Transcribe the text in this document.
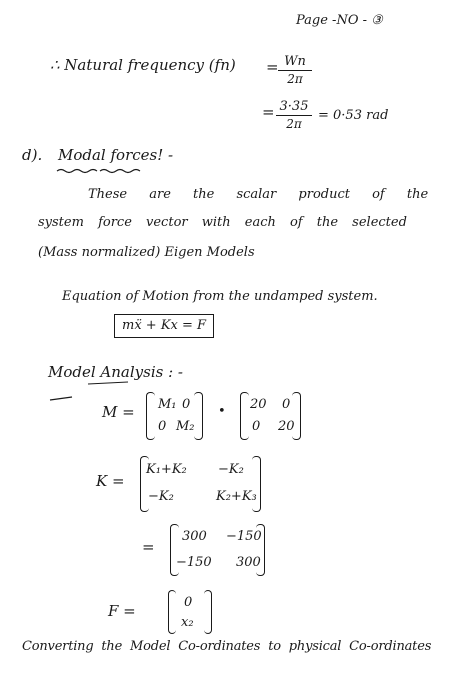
Page -NO - ③
∴ Natural frequency (fn) = Wn
2π
= 3·35
2π
= 0·53 rad
d). Modal forces! -
These are the scalar product of the
system force vector with each of the selected
(Mass normalized) Eigen Models
Equation of Motion from the undamped system.
mẍ + Kx = F
Model Analysis : -
M = M₁ 0
0 M₂
• 20 0
0 20
K =
K₁+K₂ −K₂
−K₂	K₂+K₃
=
300 −150
−150 300
F =	0
x₂
Converting the Model Co-ordinates to physical Co-ordinates
